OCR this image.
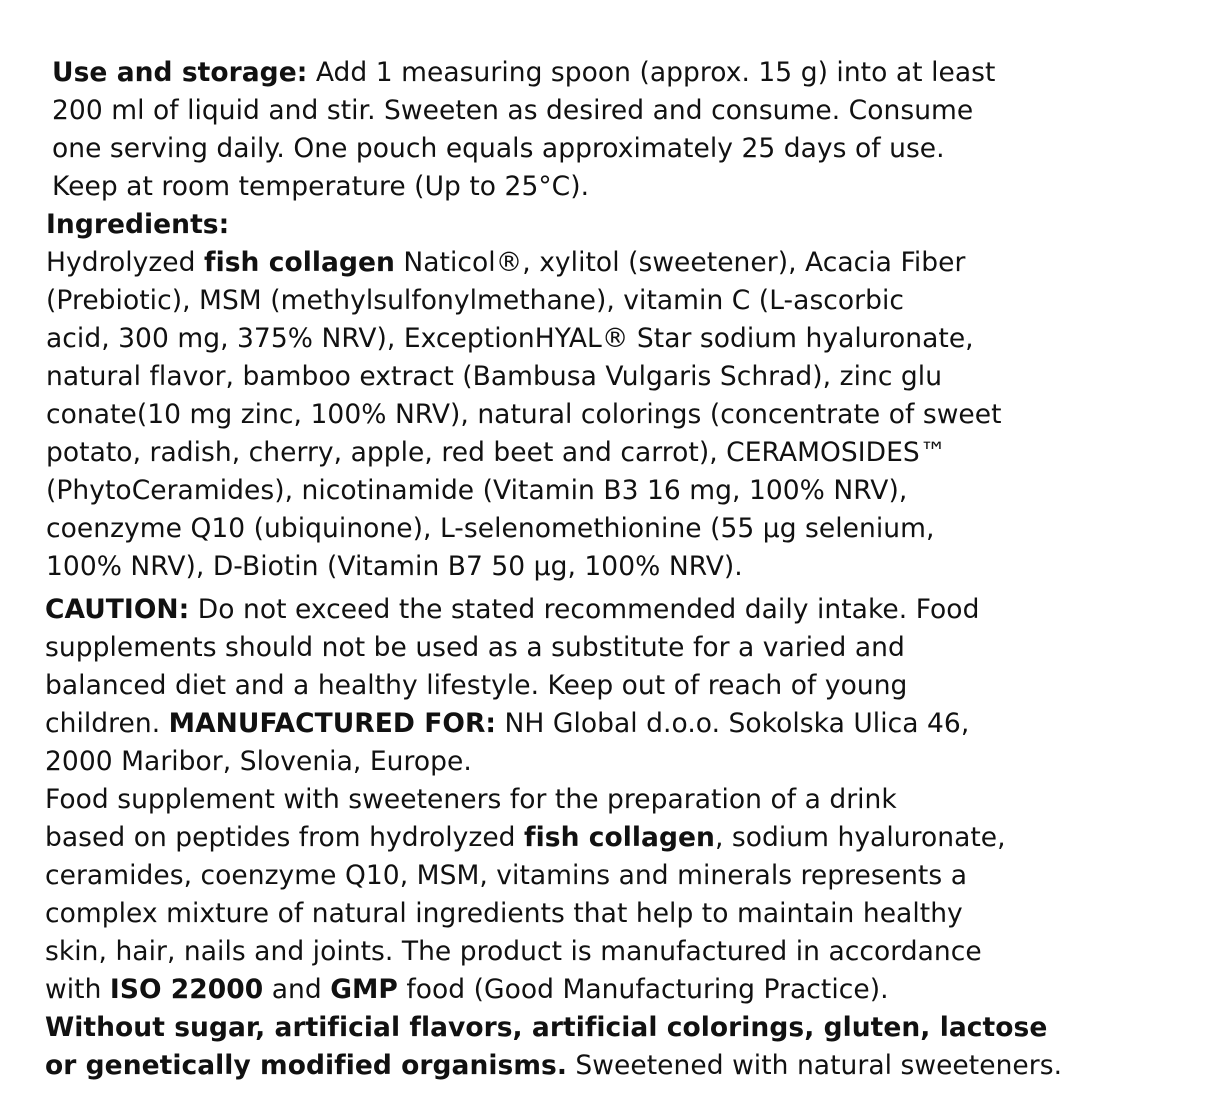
Use and storage: Add 1 measuring spoon (approx. 15 g) into at least
200 ml of liquid and stir. Sweeten as desired and consume. Consume
one serving daily. One pouch equals approximately 25 days of use.
Keep at room temperature (Up to 25°C).
Ingredients:
Hydrolyzed fish collagen Naticol®, xylitol (sweetener), Acacia Fiber
(Prebiotic), MSM (methylsulfonylmethane), vitamin C (L-ascorbic
acid, 300 mg, 375% NRV), ExceptionHYAL® Star sodium hyaluronate,
natural flavor, bamboo extract (Bambusa Vulgaris Schrad), zinc glu
conate(10 mg zinc, 100% NRV), natural colorings (concentrate of sweet
potato, radish, cherry, apple, red beet and carrot), CERAMOSIDES™
(PhytoCeramides), nicotinamide (Vitamin B3 16 mg, 100% NRV),
coenzyme Q10 (ubiquinone), L-selenomethionine (55 µg selenium,
100% NRV), D-Biotin (Vitamin B7 50 µg, 100% NRV).
CAUTION: Do not exceed the stated recommended daily intake. Food
supplements should not be used as a substitute for a varied and
balanced diet and a healthy lifestyle. Keep out of reach of young
children. MANUFACTURED FOR: NH Global d.o.o. Sokolska Ulica 46,
2000 Maribor, Slovenia, Europe.
Food supplement with sweeteners for the preparation of a drink
based on peptides from hydrolyzed fish collagen, sodium hyaluronate,
ceramides, coenzyme Q10, MSM, vitamins and minerals represents a
complex mixture of natural ingredients that help to maintain healthy
skin, hair, nails and joints. The product is manufactured in accordance
with ISO 22000 and GMP food (Good Manufacturing Practice).
Without sugar, artificial flavors, artificial colorings, gluten, lactose
or genetically modified organisms. Sweetened with natural sweeteners.
